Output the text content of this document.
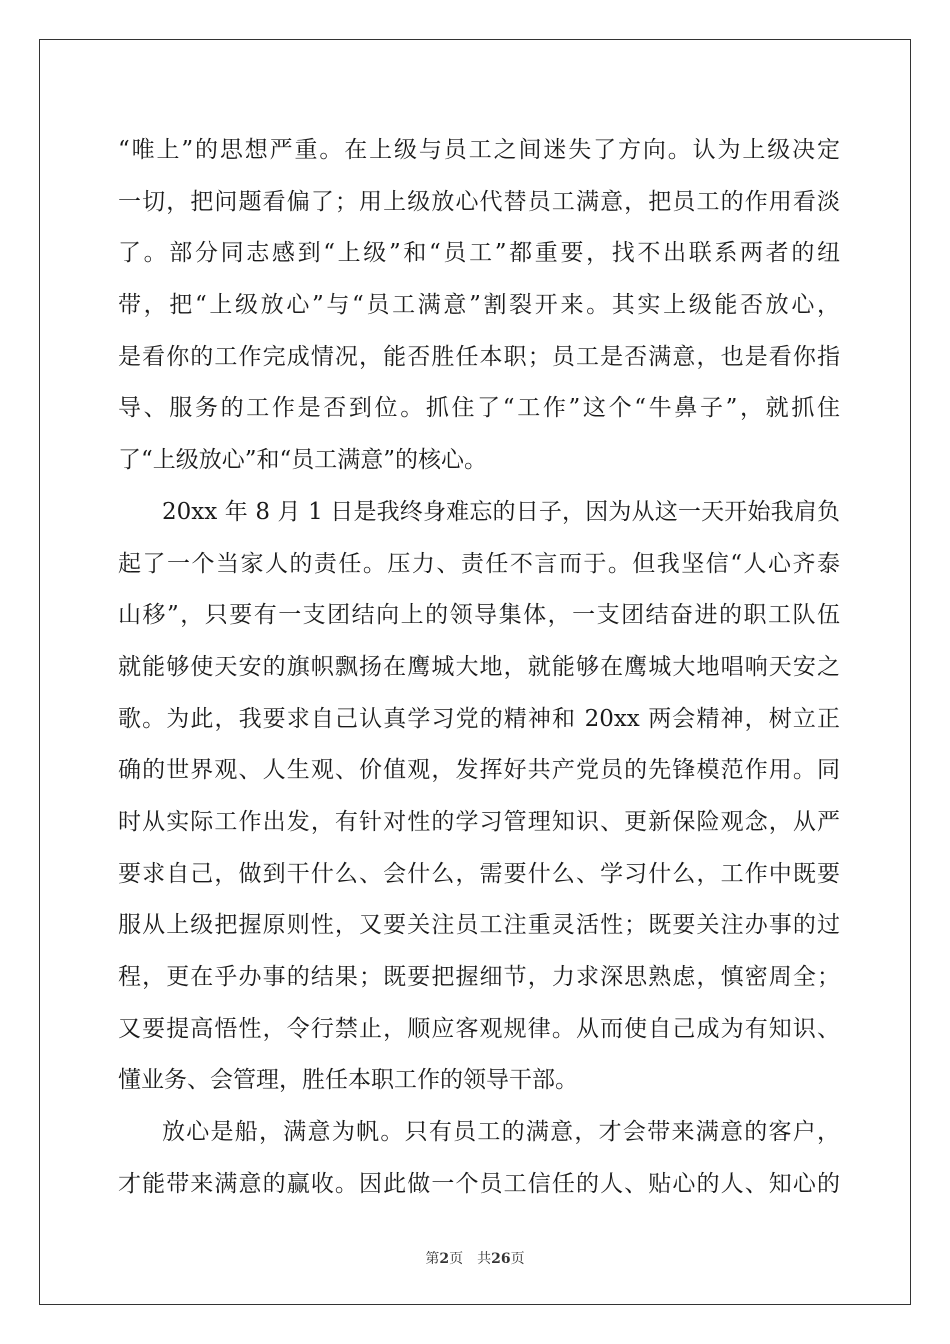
“唯上”的思想严重。在上级与员工之间迷失了方向。认为上级决定
一切，把问题看偏了；用上级放心代替员工满意，把员工的作用看淡
了。部分同志感到“上级”和“员工”都重要，找不出联系两者的纽
带，把“上级放心”与“员工满意”割裂开来。其实上级能否放心，
是看你的工作完成情况，能否胜任本职；员工是否满意，也是看你指
导、服务的工作是否到位。抓住了“工作”这个“牛鼻子”，就抓住
了“上级放心”和“员工满意”的核心。
20xx 年 8 月 1 日是我终身难忘的日子，因为从这一天开始我肩负
起了一个当家人的责任。压力、责任不言而于。但我坚信“人心齐泰
山移”，只要有一支团结向上的领导集体，一支团结奋进的职工队伍
就能够使天安的旗帜飘扬在鹰城大地，就能够在鹰城大地唱响天安之
歌。为此，我要求自己认真学习党的精神和 20xx 两会精神，树立正
确的世界观、人生观、价值观，发挥好共产党员的先锋模范作用。同
时从实际工作出发，有针对性的学习管理知识、更新保险观念，从严
要求自己，做到干什么、会什么，需要什么、学习什么，工作中既要
服从上级把握原则性，又要关注员工注重灵活性；既要关注办事的过
程，更在乎办事的结果；既要把握细节，力求深思熟虑，慎密周全；
又要提高悟性，令行禁止，顺应客观规律。从而使自己成为有知识、
懂业务、会管理，胜任本职工作的领导干部。
放心是船，满意为帆。只有员工的满意，才会带来满意的客户，
才能带来满意的赢收。因此做一个员工信任的人、贴心的人、知心的
第2页 共26页
